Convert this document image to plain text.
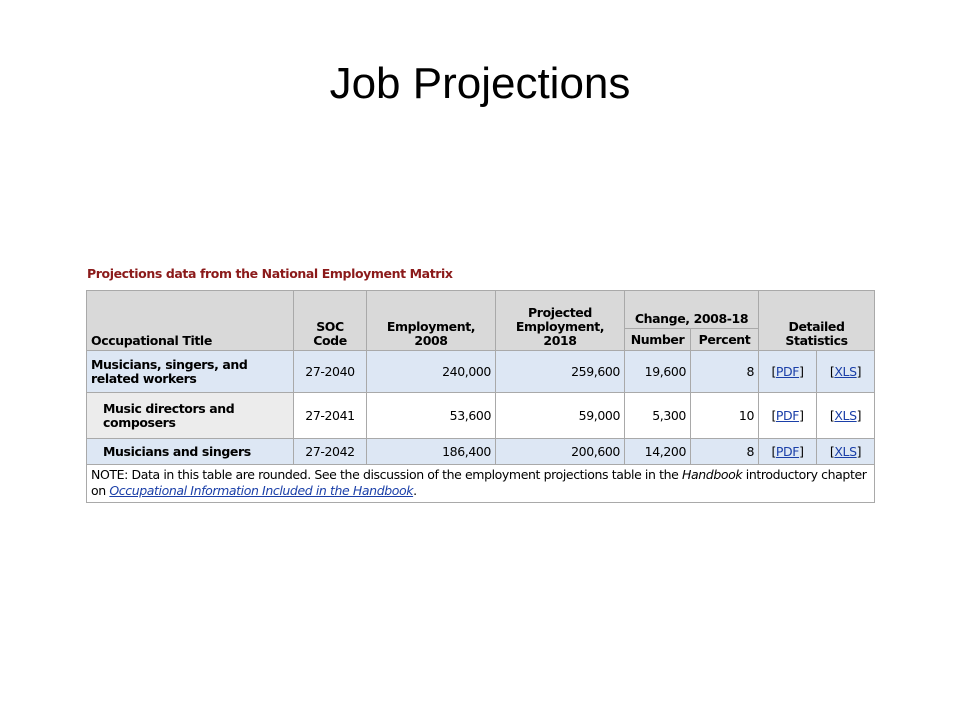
Job Projections
Projections data from the National Employment Matrix
Occupational Title	SOC Code	Employment, 2008	Projected Employment, 2018	Change, 2008-18		Detailed Statistics	
				Number	Percent		
Musicians, singers, and related workers	27-2040	240,000	259,600	19,600	8	[PDF]	[XLS]
Music directors and composers	27-2041	53,600	59,000	5,300	10	[PDF]	[XLS]
Musicians and singers	27-2042	186,400	200,600	14,200	8	[PDF]	[XLS]
NOTE: Data in this table are rounded. See the discussion of the employment projections table in the Handbook introductory chapter on Occupational Information Included in the Handbook.							
